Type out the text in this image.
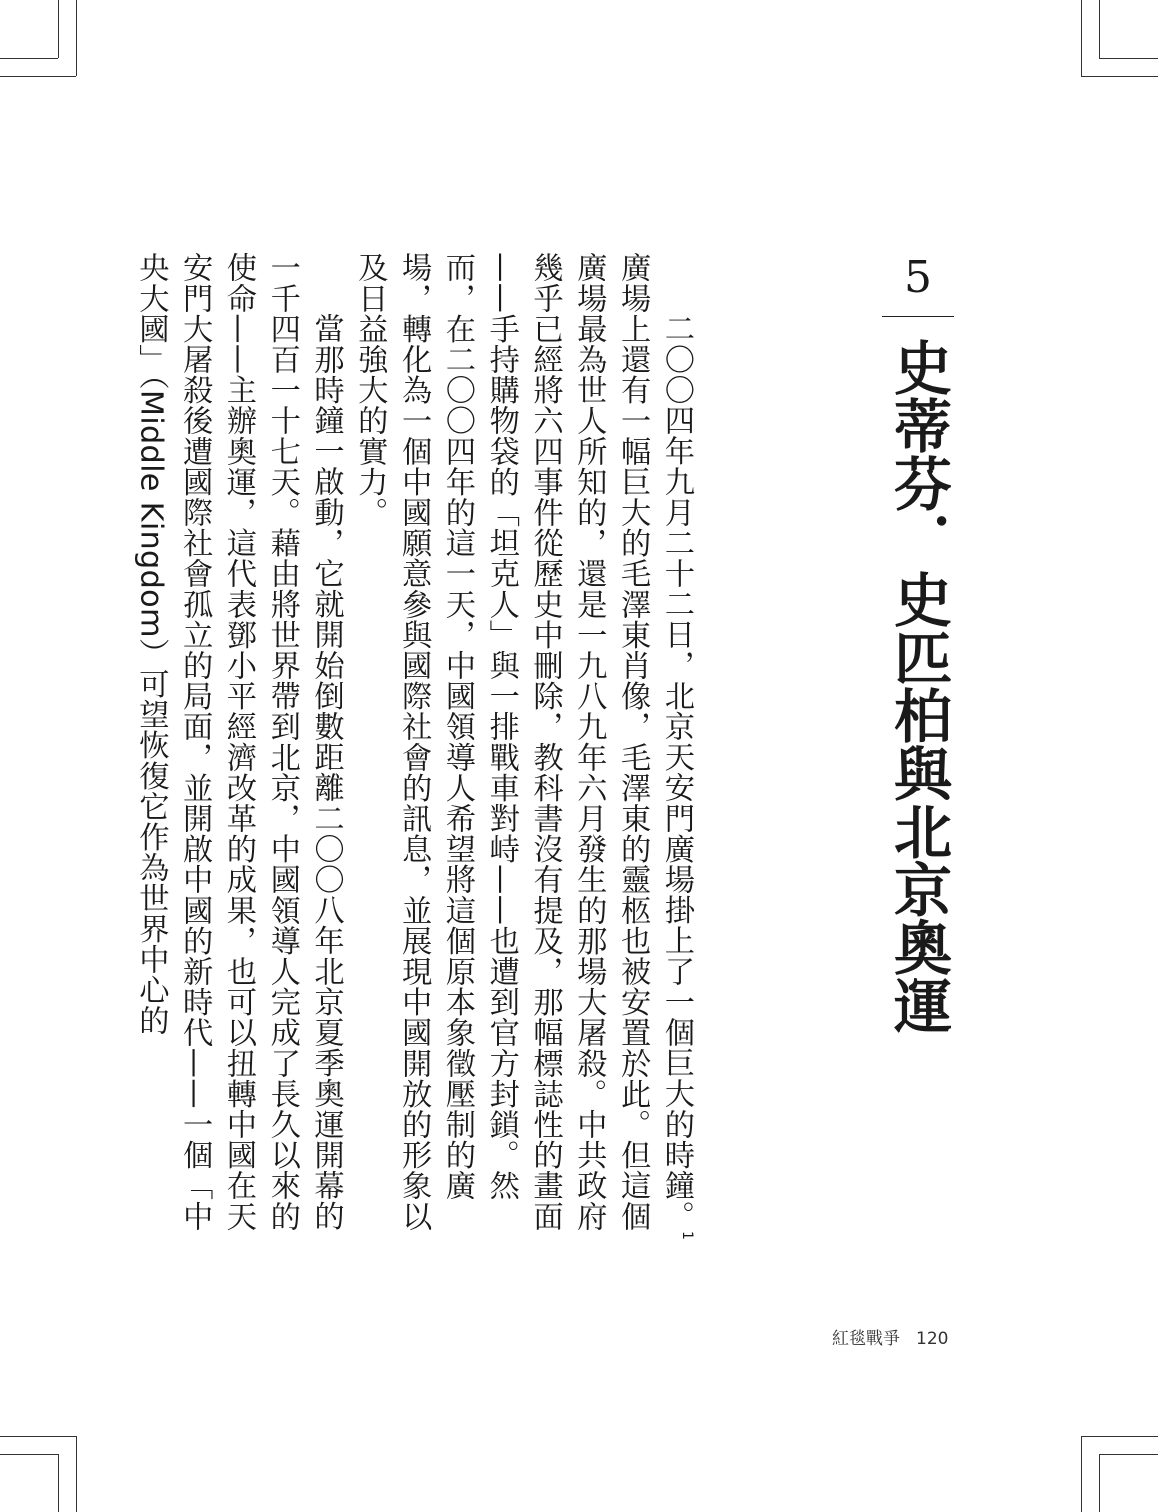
5
史蒂芬．史匹柏與北京奧運

二〇〇四年九月二十二日，北京天安門廣場掛上了一個巨大的時鐘。$^1$廣場上還有一幅巨大的毛澤東肖像，毛澤東的靈柩也被安置於此。但這個廣場最為世人所知的，還是一九八九年六月發生的那場大屠殺。中共政府幾乎已經將六四事件從歷史中刪除，教科書沒有提及，那幅標誌性的畫面——手持購物袋的「坦克人」與一排戰車對峙——也遭到官方封鎖。然而，在二〇〇四年的這一天，中國領導人希望將這個原本象徵壓制的廣場，轉化為一個中國願意參與國際社會的訊息，並展現中國開放的形象以及日益強大的實力。

當那時鐘一啟動，它就開始倒數距離二〇〇八年北京夏季奧運開幕的一千四百一十七天。藉由將世界帶到北京，中國領導人完成了長久以來的使命——主辦奧運，這代表鄧小平經濟改革的成果，也可以扭轉中國在天安門大屠殺後遭國際社會孤立的局面，並開啟中國的新時代——一個「中央大國」（Middle Kingdom）可望恢復它作為世界中心的

紅毯戰爭 120
